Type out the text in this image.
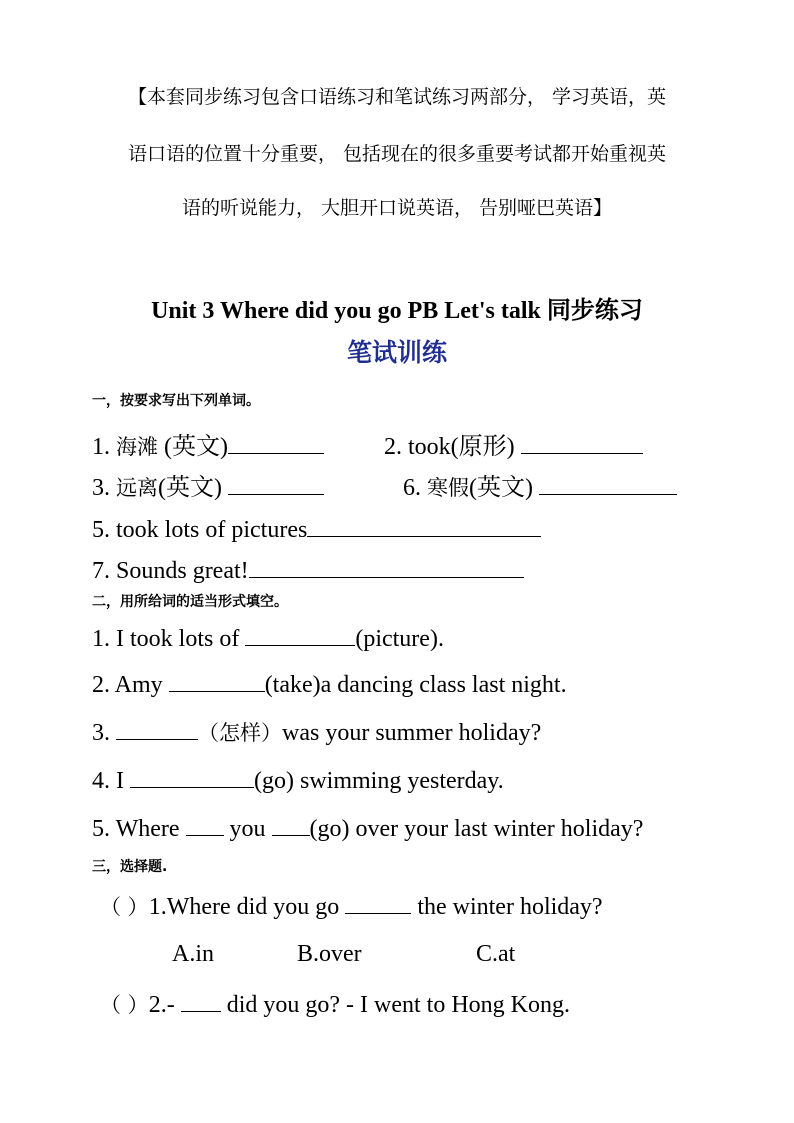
【本套同步练习包含口语练习和笔试练习两部分， 学习英语，英
语口语的位置十分重要， 包括现在的很多重要考试都开始重视英
语的听说能力， 大胆开口说英语， 告别哑巴英语】
Unit 3 Where did you go PB Let's talk 同步练习
笔试训练
一，按要求写出下列单词。
1. 海滩 (英文)	2. took(原形)
3. 远离(英文)	6. 寒假(英文)
5. took lots of pictures
7. Sounds great!
二，用所给词的适当形式填空。
1. I took lots of	(picture).
2. Amy	(take)a dancing class last night.
3.	（怎样）was your summer holiday?
4. I	(go) swimming yesterday.
5. Where you (go) over your last winter holiday?
三，选择题.
（ ）1.Where did you go	the winter holiday?
A.in	B.over	C.at
（ ）2.- did you go? - I went to Hong Kong.
